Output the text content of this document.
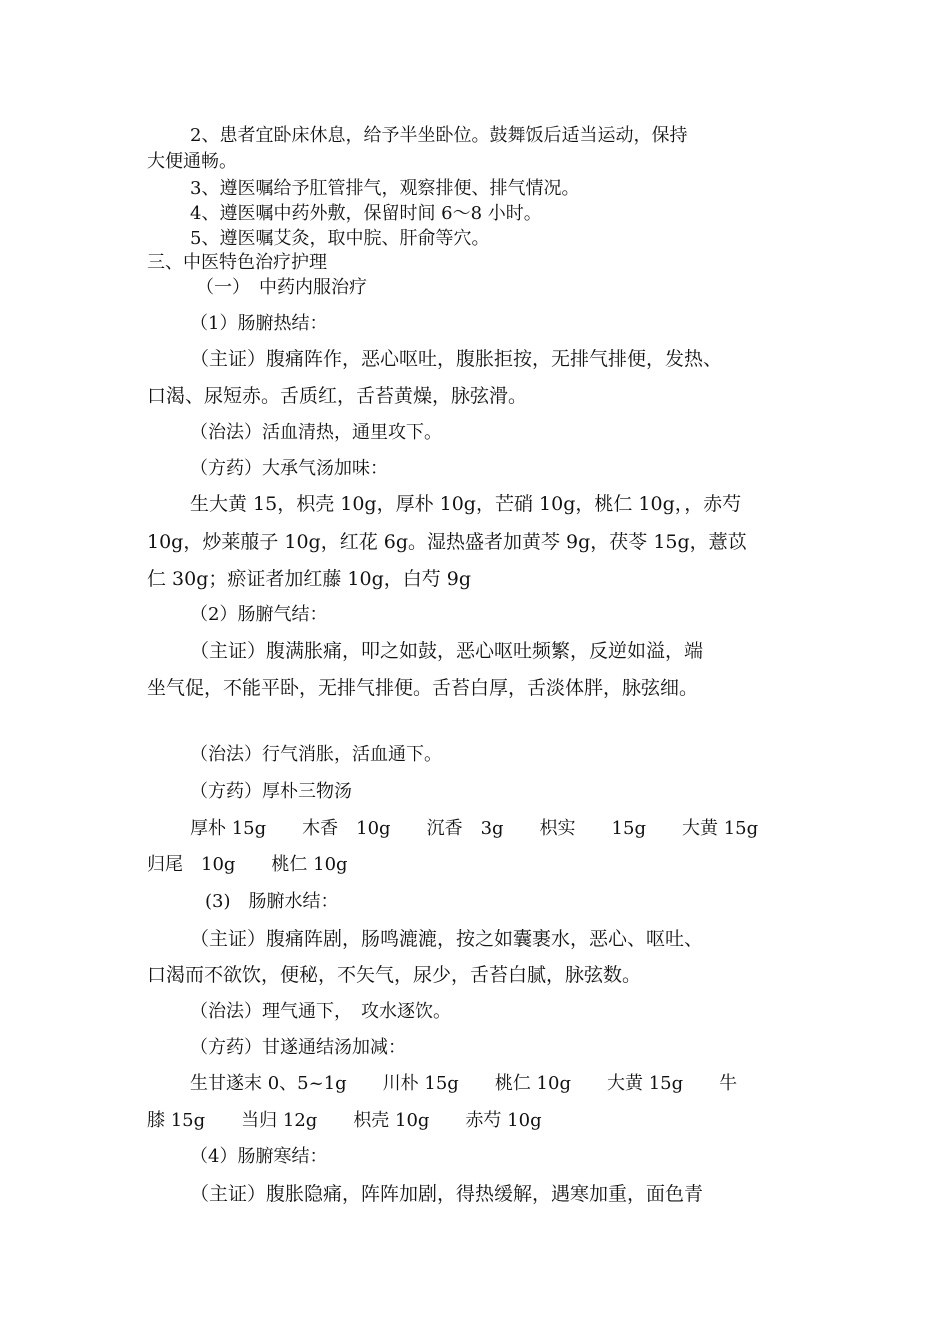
2、患者宜卧床休息，给予半坐卧位。鼓舞饭后适当运动，保持
大便通畅。
3、遵医嘱给予肛管排气，观察排便、排气情况。
4、遵医嘱中药外敷，保留时间 6～8 小时。
5、遵医嘱艾灸，取中脘、肝俞等穴。
三、中医特色治疗护理
（一）　中药内服治疗
（1）肠腑热结：
（主证）腹痛阵作，恶心呕吐，腹胀拒按，无排气排便，发热、
口渴、尿短赤。舌质红，舌苔黄燥，脉弦滑。
（治法）活血清热，通里攻下。
（方药）大承气汤加味：
生大黄 15，枳壳 10g，厚朴 10g，芒硝 10g，桃仁 10g，，赤芍
10g，炒莱菔子 10g，红花 6g。湿热盛者加黄芩 9g，茯苓 15g，薏苡
仁 30g；瘀证者加红藤 10g，白芍 9g
（2）肠腑气结：
（主证）腹满胀痛，叩之如鼓，恶心呕吐频繁，反逆如溢，端
坐气促，不能平卧，无排气排便。舌苔白厚，舌淡体胖，脉弦细。
（治法）行气消胀，活血通下。
（方药）厚朴三物汤
厚朴 15g　　木香　10g　　沉香　3g　　枳实　　15g　　大黄 15g
归尾　10g　　桃仁 10g
(3)　肠腑水结：
（主证）腹痛阵剧，肠鸣漉漉，按之如囊裹水，恶心、呕吐、
口渴而不欲饮，便秘，不矢气，尿少，舌苔白腻，脉弦数。
（治法）理气通下，　攻水逐饮。
（方药）甘遂通结汤加减：
生甘遂末 0、5~1g　　川朴 15g　　桃仁 10g　　大黄 15g　　牛
膝 15g　　当归 12g　　枳壳 10g　　赤芍 10g
（4）肠腑寒结：
（主证）腹胀隐痛，阵阵加剧，得热缓解，遇寒加重，面色青
